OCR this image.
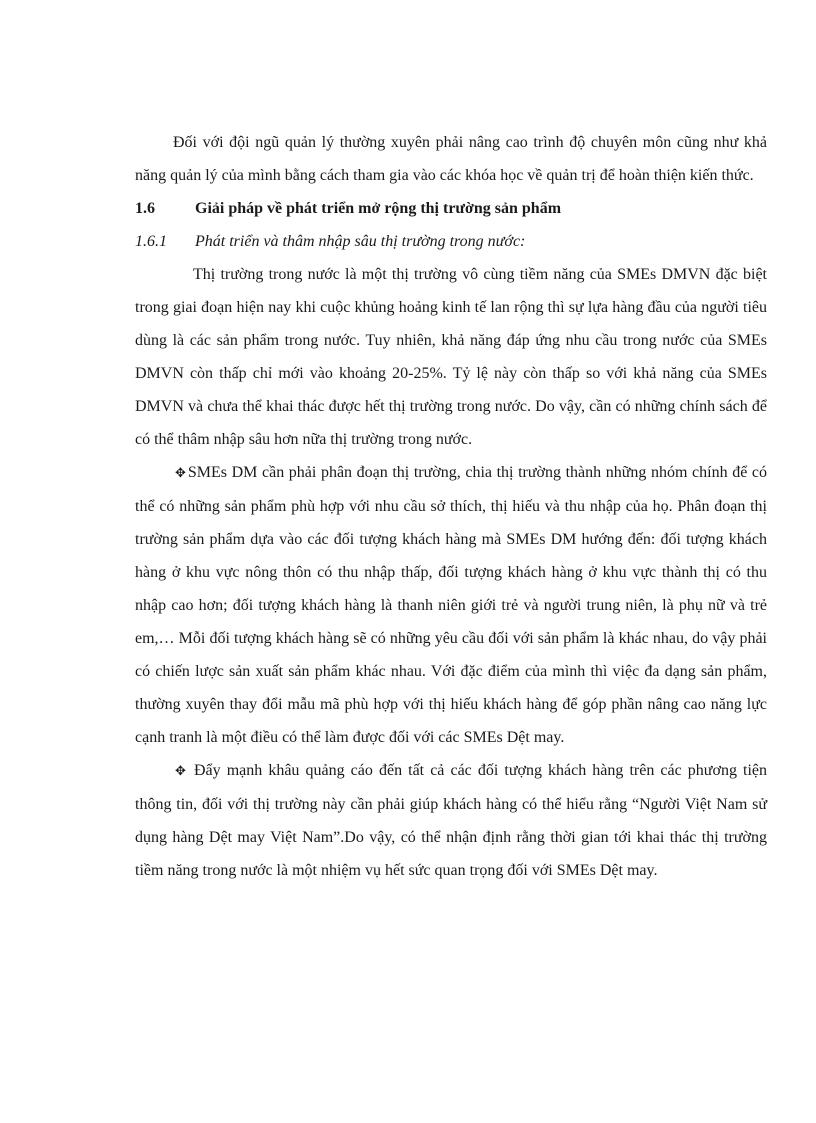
Đối với đội ngũ quản lý thường xuyên phải nâng cao trình độ chuyên môn cũng như khả năng quản lý của mình bằng cách tham gia vào các khóa học về quản trị để hoàn thiện kiến thức.

1.6	Giải pháp về phát triển mở rộng thị trường sản phẩm
1.6.1	Phát triển và thâm nhập sâu thị trường trong nước:

Thị trường trong nước là một thị trường vô cùng tiềm năng của SMEs DMVN đặc biệt trong giai đoạn hiện nay khi cuộc khủng hoảng kinh tế lan rộng thì sự lựa hàng đầu của người tiêu dùng là các sản phẩm trong nước. Tuy nhiên, khả năng đáp ứng nhu cầu trong nước của SMEs DMVN còn thấp chỉ mới vào khoảng 20-25%. Tỷ lệ này còn thấp so với khả năng của SMEs DMVN và chưa thể khai thác được hết thị trường trong nước. Do vậy, cần có những chính sách để có thể thâm nhập sâu hơn nữa thị trường trong nước.

✥ SMEs DM cần phải phân đoạn thị trường, chia thị trường thành những nhóm chính để có thể có những sản phẩm phù hợp với nhu cầu sở thích, thị hiếu và thu nhập của họ. Phân đoạn thị trường sản phẩm dựa vào các đối tượng khách hàng mà SMEs DM hướng đến: đối tượng khách hàng ở khu vực nông thôn có thu nhập thấp, đối tượng khách hàng ở khu vực thành thị có thu nhập cao hơn; đối tượng khách hàng là thanh niên giới trẻ và người trung niên, là phụ nữ và trẻ em,… Mỗi đối tượng khách hàng sẽ có những yêu cầu đối với sản phẩm là khác nhau, do vậy phải có chiến lược sản xuất sản phẩm khác nhau. Với đặc điểm của mình thì việc đa dạng sản phẩm, thường xuyên thay đổi mẫu mã phù hợp với thị hiếu khách hàng để góp phần nâng cao năng lực cạnh tranh là một điều có thể làm được đối với các SMEs Dệt may.

✥ Đẩy mạnh khâu quảng cáo đến tất cả các đối tượng khách hàng trên các phương tiện thông tin, đối với thị trường này cần phải giúp khách hàng có thể hiểu rằng “Người Việt Nam sử dụng hàng Dệt may Việt Nam”.Do vậy, có thể nhận định rằng thời gian tới khai thác thị trường tiềm năng trong nước là một nhiệm vụ hết sức quan trọng đối với SMEs Dệt may.
